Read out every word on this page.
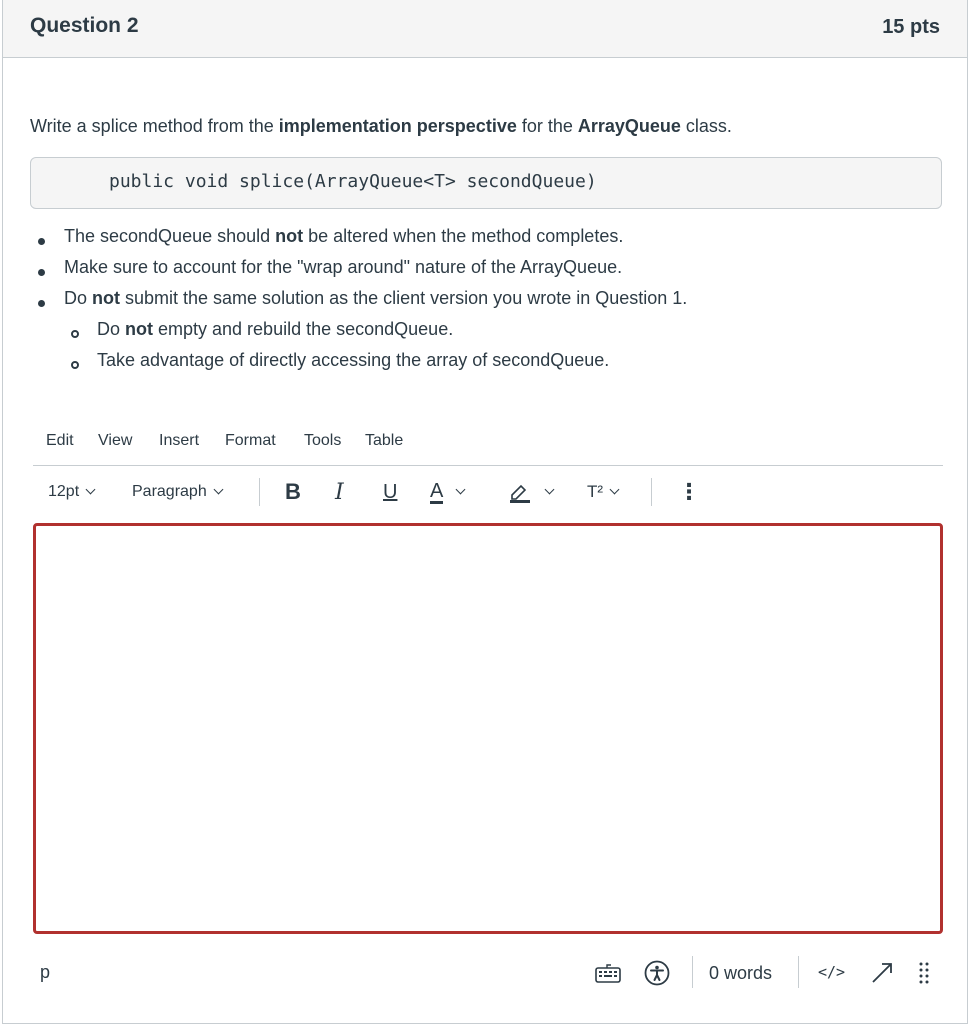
Question 2	15 pts
Write a splice method from the implementation perspective for the ArrayQueue class.
public void splice(ArrayQueue<T> secondQueue)
The secondQueue should not be altered when the method completes.
Make sure to account for the "wrap around" nature of the ArrayQueue.
Do not submit the same solution as the client version you wrote in Question 1.
Do not empty and rebuild the secondQueue.
Take advantage of directly accessing the array of secondQueue.
Edit View Insert Format Tools Table
12pt	Paragraph	B I U A	T²	⋮
p	0 words	</>
